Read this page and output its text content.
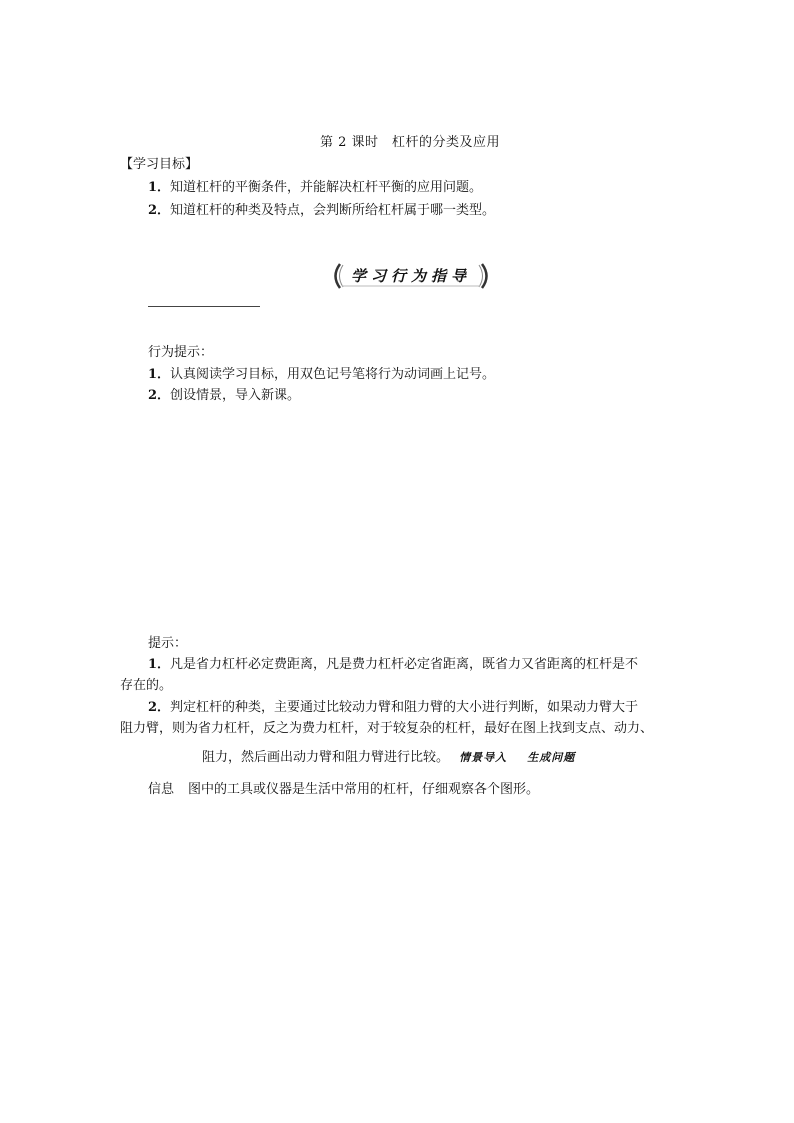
第 2 课时　杠杆的分类及应用
【学习目标】
1．知道杠杆的平衡条件，并能解决杠杆平衡的应用问题。
2．知道杠杆的种类及特点，会判断所给杠杆属于哪一类型。
学习行为指导
行为提示：
1．认真阅读学习目标，用双色记号笔将行为动词画上记号。
2．创设情景，导入新课。
提示：
1．凡是省力杠杆必定费距离，凡是费力杠杆必定省距离，既省力又省距离的杠杆是不
存在的。
2．判定杠杆的种类，主要通过比较动力臂和阻力臂的大小进行判断，如果动力臂大于
阻力臂，则为省力杠杆，反之为费力杠杆，对于较复杂的杠杆，最好在图上找到支点、动力、
阻力，然后画出动力臂和阻力臂进行比较。 情景导入 生成问题
信息 图中的工具或仪器是生活中常用的杠杆，仔细观察各个图形。
